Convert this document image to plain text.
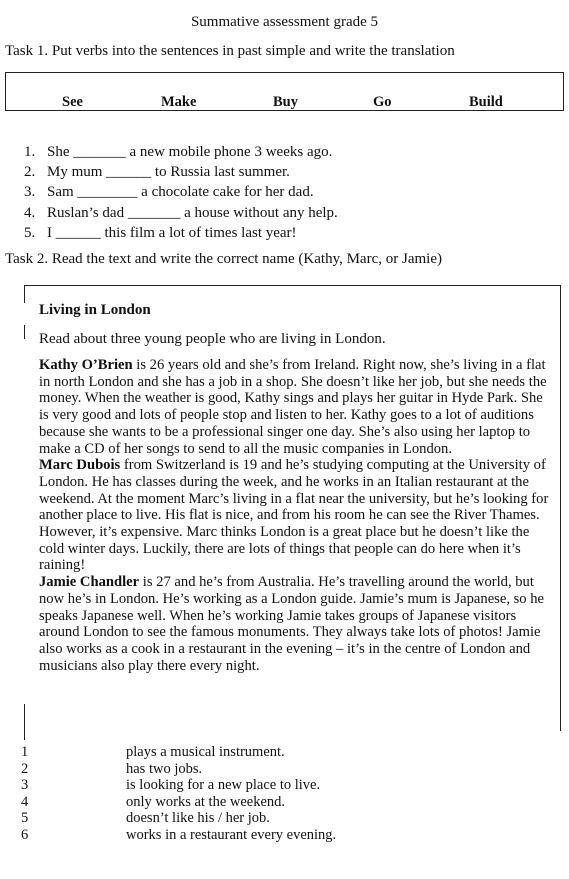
Summative assessment grade 5
Task 1. Put verbs into the sentences in past simple and write the translation
See	Make	Buy	Go	Build
1. She _______ a new mobile phone 3 weeks ago.
2. My mum ______ to Russia last summer.
3. Sam ________ a chocolate cake for her dad.
4. Ruslan’s dad _______ a house without any help.
5. I ______ this film a lot of times last year!
Task 2. Read the text and write the correct name (Kathy, Marc, or Jamie)
Living in London
Read about three young people who are living in London.
Kathy O’Brien is 26 years old and she’s from Ireland. Right now, she’s living in a flat in north London and she has a job in a shop. She doesn’t like her job, but she needs the money. When the weather is good, Kathy sings and plays her guitar in Hyde Park. She is very good and lots of people stop and listen to her. Kathy goes to a lot of auditions because she wants to be a professional singer one day. She’s also using her laptop to make a CD of her songs to send to all the music companies in London.
Marc Dubois from Switzerland is 19 and he’s studying computing at the University of London. He has classes during the week, and he works in an Italian restaurant at the weekend. At the moment Marc’s living in a flat near the university, but he’s looking for another place to live. His flat is nice, and from his room he can see the River Thames. However, it’s expensive. Marc thinks London is a great place but he doesn’t like the cold winter days. Luckily, there are lots of things that people can do here when it’s raining!
Jamie Chandler is 27 and he’s from Australia. He’s travelling around the world, but now he’s in London. He’s working as a London guide. Jamie’s mum is Japanese, so he speaks Japanese well. When he’s working Jamie takes groups of Japanese visitors around London to see the famous monuments. They always take lots of photos! Jamie also works as a cook in a restaurant in the evening – it’s in the centre of London and musicians also play there every night.
1	plays a musical instrument.
2	has two jobs.
3	is looking for a new place to live.
4	only works at the weekend.
5	doesn’t like his / her job.
6	works in a restaurant every evening.
